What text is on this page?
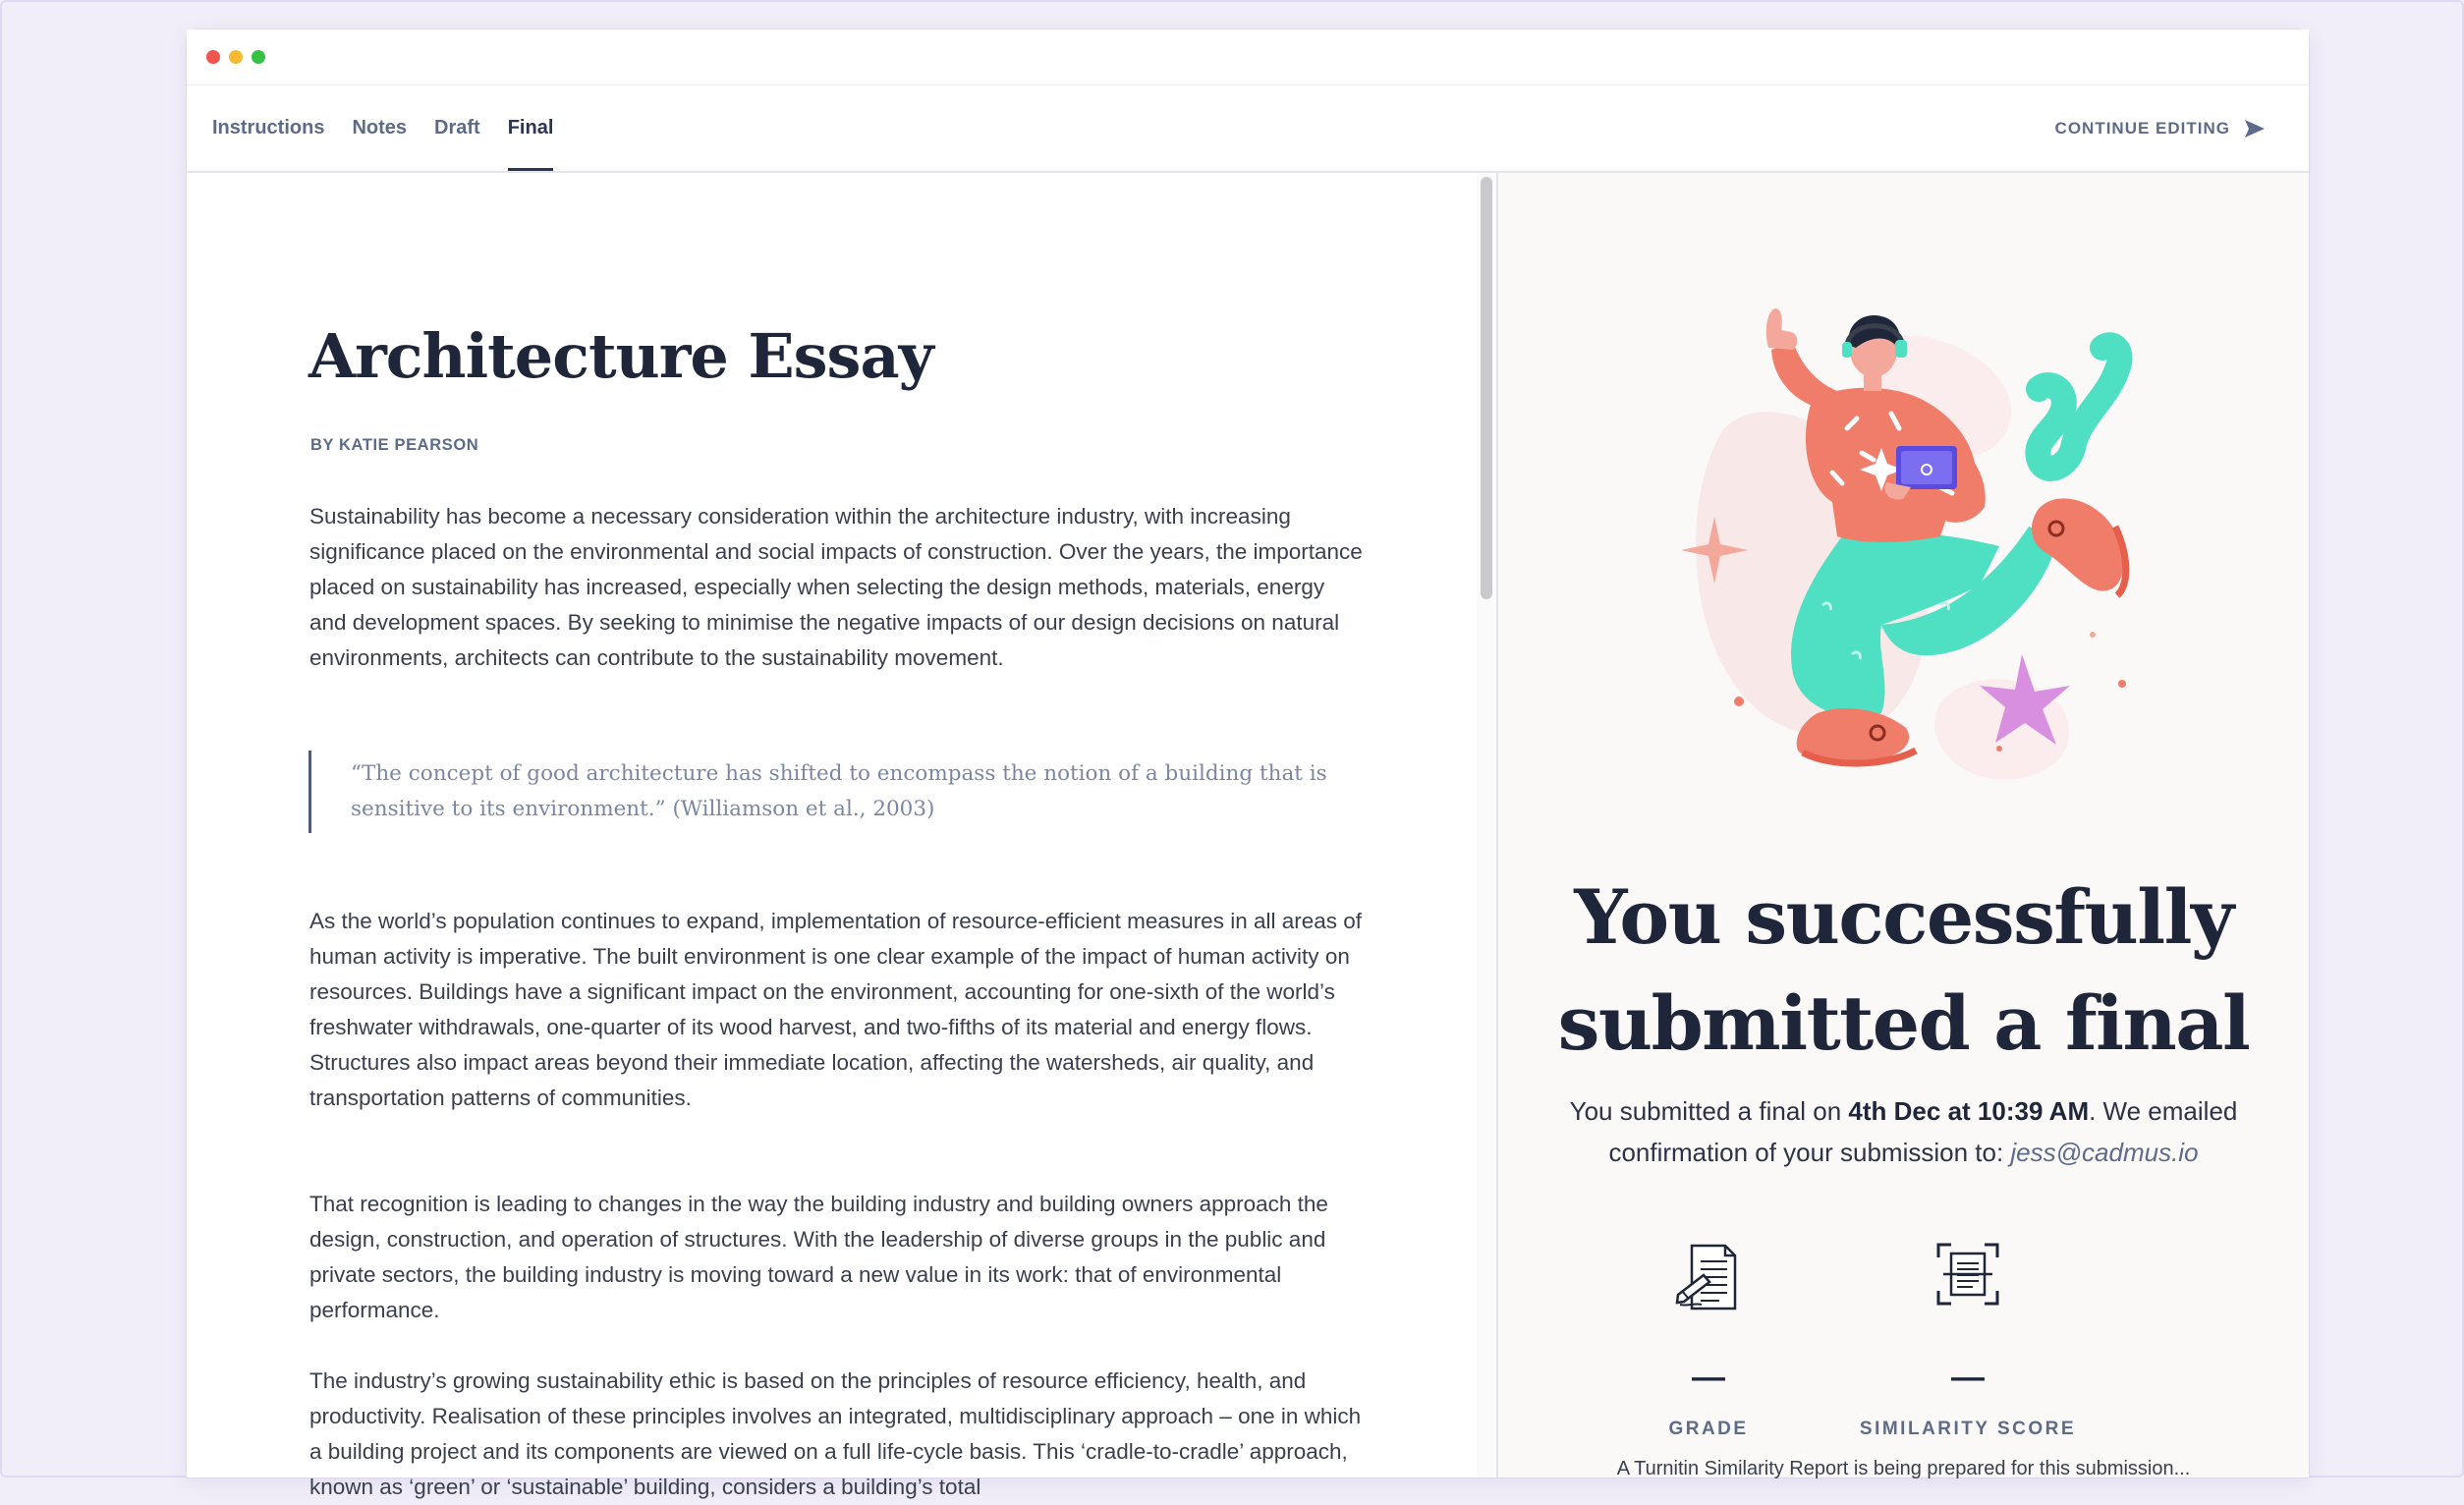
Instructions Notes Draft Final	CONTINUE EDITING
Architecture Essay
BY KATIE PEARSON

Sustainability has become a necessary consideration within the architecture industry, with increasing significance placed on the environmental and social impacts of construction. Over the years, the importance placed on sustainability has increased, especially when selecting the design methods, materials, energy and development spaces. By seeking to minimise the negative impacts of our design decisions on natural environments, architects can contribute to the sustainability movement.

“The concept of good architecture has shifted to encompass the notion of a building that is sensitive to its environment.” (Williamson et al., 2003)

As the world’s population continues to expand, implementation of resource-efficient measures in all areas of human activity is imperative. The built environment is one clear example of the impact of human activity on resources. Buildings have a significant impact on the environment, accounting for one-sixth of the world’s freshwater withdrawals, one-quarter of its wood harvest, and two-fifths of its material and energy flows. Structures also impact areas beyond their immediate location, affecting the watersheds, air quality, and transportation patterns of communities.

That recognition is leading to changes in the way the building industry and building owners approach the design, construction, and operation of structures. With the leadership of diverse groups in the public and private sectors, the building industry is moving toward a new value in its work: that of environmental performance.

The industry’s growing sustainability ethic is based on the principles of resource efficiency, health, and productivity. Realisation of these principles involves an integrated, multidisciplinary approach – one in which a building project and its components are viewed on a full life-cycle basis. This ‘cradle-to-cradle’ approach, known as ‘green’ or ‘sustainable’ building, considers a building’s total

You successfully
submitted a final
You submitted a final on 4th Dec at 10:39 AM. We emailed confirmation of your submission to: jess@cadmus.io
—
GRADE
—
SIMILARITY SCORE
A Turnitin Similarity Report is being prepared for this submission...
